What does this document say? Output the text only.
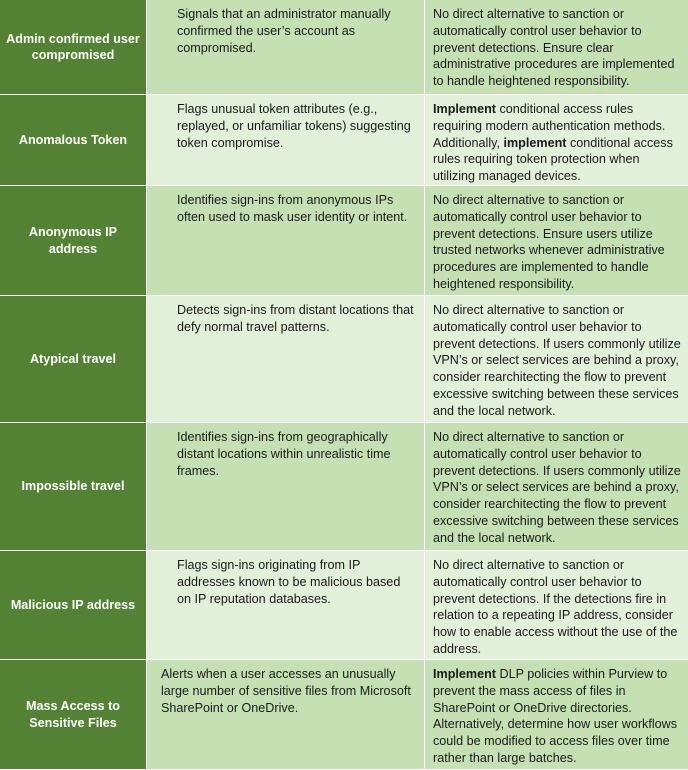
Admin confirmed user compromised
Signals that an administrator manually confirmed the user’s account as compromised.
No direct alternative to sanction or automatically control user behavior to prevent detections. Ensure clear administrative procedures are implemented to handle heightened responsibility.
Anomalous Token
Flags unusual token attributes (e.g., replayed, or unfamiliar tokens) suggesting token compromise.
Implement conditional access rules requiring modern authentication methods. Additionally, implement conditional access rules requiring token protection when utilizing managed devices.
Anonymous IP address
Identifies sign-ins from anonymous IPs often used to mask user identity or intent.
No direct alternative to sanction or automatically control user behavior to prevent detections. Ensure users utilize trusted networks whenever administrative procedures are implemented to handle heightened responsibility.
Atypical travel
Detects sign-ins from distant locations that defy normal travel patterns.
No direct alternative to sanction or automatically control user behavior to prevent detections. If users commonly utilize VPN’s or select services are behind a proxy, consider rearchitecting the flow to prevent excessive switching between these services and the local network.
Impossible travel
Identifies sign-ins from geographically distant locations within unrealistic time frames.
No direct alternative to sanction or automatically control user behavior to prevent detections. If users commonly utilize VPN’s or select services are behind a proxy, consider rearchitecting the flow to prevent excessive switching between these services and the local network.
Malicious IP address
Flags sign-ins originating from IP addresses known to be malicious based on IP reputation databases.
No direct alternative to sanction or automatically control user behavior to prevent detections. If the detections fire in relation to a repeating IP address, consider how to enable access without the use of the address.
Mass Access to Sensitive Files
Alerts when a user accesses an unusually large number of sensitive files from Microsoft SharePoint or OneDrive.
Implement DLP policies within Purview to prevent the mass access of files in SharePoint or OneDrive directories. Alternatively, determine how user workflows could be modified to access files over time rather than large batches.
